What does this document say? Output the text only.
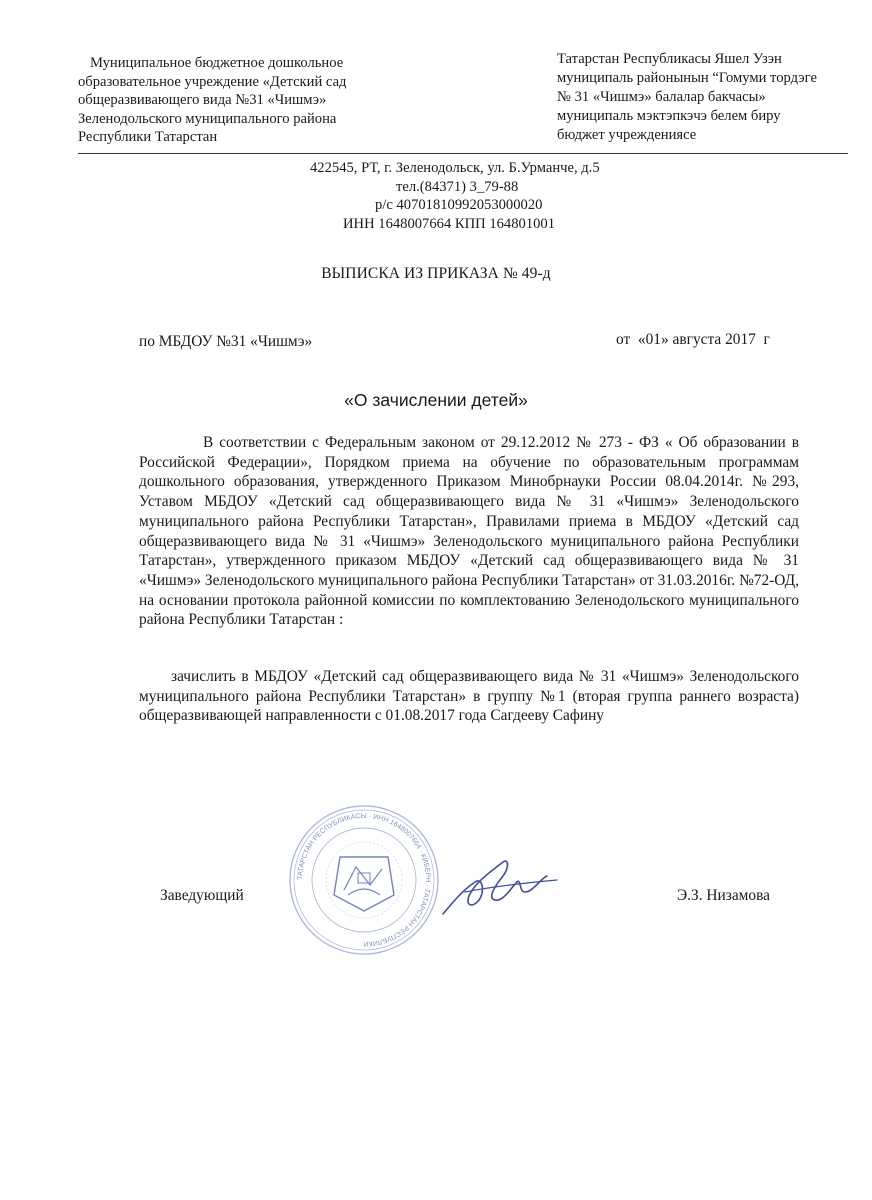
Муниципальное бюджетное дошкольное
образовательное учреждение «Детский сад
общеразвивающего вида №31 «Чишмэ»
Зеленодольского муниципального района
Республики Татарстан
Татарстан Республикасы Яшел Узэн
муниципаль районынын “Гомуми тордэге
№ 31 «Чишмэ» балалар бакчасы»
муниципаль мэктэпкэчэ белем биру
бюджет учреждениясе
422545, РТ, г. Зеленодольск, ул. Б.Урманче, д.5
тел.(84371) 3_79-88
р/с 40701810992053000020
ИНН 1648007664 КПП 164801001
ВЫПИСКА ИЗ ПРИКАЗА № 49-д
по МБДОУ №31 «Чишмэ»	от  «01» августа 2017  г
«О зачислении детей»

В соответствии с Федеральным законом от 29.12.2012 № 273 - ФЗ « Об образовании в Российской Федерации», Порядком приема на обучение по образовательным программам дошкольного образования, утвержденного Приказом Минобрнауки России 08.04.2014г. №293, Уставом МБДОУ «Детский сад общеразвивающего вида № 31 «Чишмэ» Зеленодольского муниципального района Республики Татарстан», Правилами приема в МБДОУ «Детский сад общеразвивающего вида № 31 «Чишмэ» Зеленодольского муниципального района Республики Татарстан», утвержденного приказом МБДОУ «Детский сад общеразвивающего вида № 31 «Чишмэ» Зеленодольского муниципального района Республики Татарстан» от 31.03.2016г. №72-ОД, на основании протокола районной комиссии по комплектованию Зеленодольского муниципального района Республики Татарстан :

зачислить в МБДОУ «Детский сад общеразвивающего вида № 31 «Чишмэ» Зеленодольского муниципального района Республики Татарстан» в группу №1 (вторая группа раннего возраста) общеразвивающей направленности с 01.08.2017 года Сагдееву Сафину

ТАТАРСТАН РЕСПУБЛИКАСЫ · ИНН 1648007664 · КИБЕРН · ТАТАРСТАН РЕСПУБЛИКИ
Заведующий	Э.З. Низамова
